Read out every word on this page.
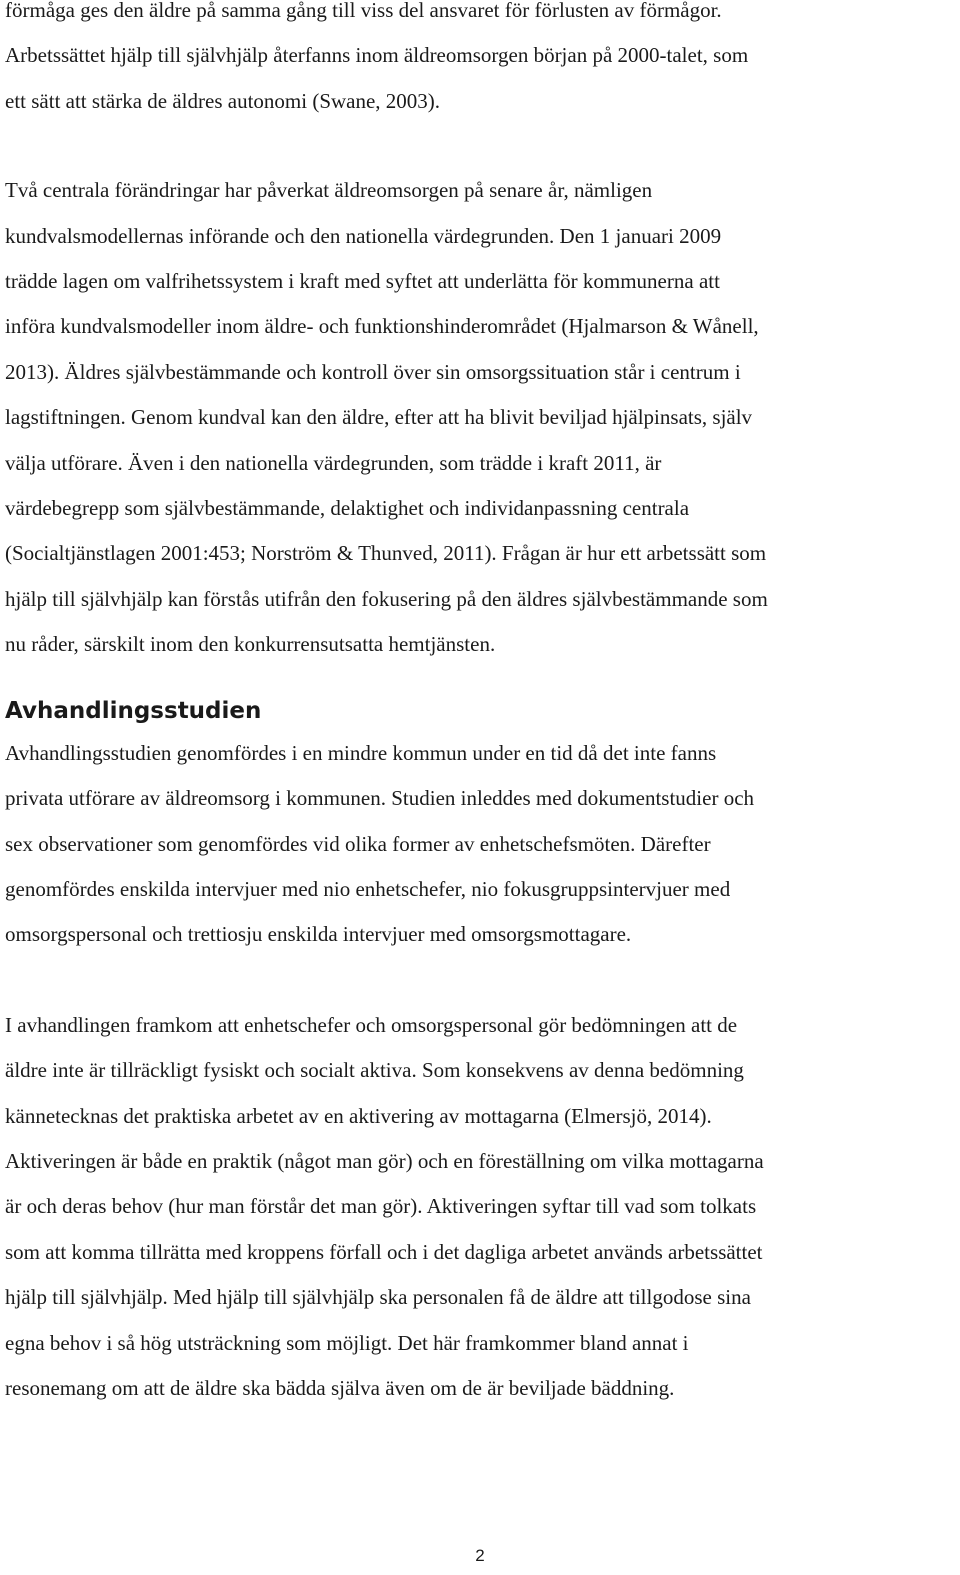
förmåga ges den äldre på samma gång till viss del ansvaret för förlusten av förmågor.
Arbetssättet hjälp till självhjälp återfanns inom äldreomsorgen början på 2000-talet, som
ett sätt att stärka de äldres autonomi (Swane, 2003).

Två centrala förändringar har påverkat äldreomsorgen på senare år, nämligen
kundvalsmodellernas införande och den nationella värdegrunden. Den 1 januari 2009
trädde lagen om valfrihetssystem i kraft med syftet att underlätta för kommunerna att
införa kundvalsmodeller inom äldre- och funktionshinderområdet (Hjalmarson & Wånell,
2013). Äldres självbestämmande och kontroll över sin omsorgssituation står i centrum i
lagstiftningen. Genom kundval kan den äldre, efter att ha blivit beviljad hjälpinsats, själv
välja utförare. Även i den nationella värdegrunden, som trädde i kraft 2011, är
värdebegrepp som självbestämmande, delaktighet och individanpassning centrala
(Socialtjänstlagen 2001:453; Norström & Thunved, 2011). Frågan är hur ett arbetssätt som
hjälp till självhjälp kan förstås utifrån den fokusering på den äldres självbestämmande som
nu råder, särskilt inom den konkurrensutsatta hemtjänsten.

Avhandlingsstudien

Avhandlingsstudien genomfördes i en mindre kommun under en tid då det inte fanns
privata utförare av äldreomsorg i kommunen. Studien inleddes med dokumentstudier och
sex observationer som genomfördes vid olika former av enhetschefsmöten. Därefter
genomfördes enskilda intervjuer med nio enhetschefer, nio fokusgruppsintervjuer med
omsorgspersonal och trettiosju enskilda intervjuer med omsorgsmottagare.

I avhandlingen framkom att enhetschefer och omsorgspersonal gör bedömningen att de
äldre inte är tillräckligt fysiskt och socialt aktiva. Som konsekvens av denna bedömning
kännetecknas det praktiska arbetet av en aktivering av mottagarna (Elmersjö, 2014).
Aktiveringen är både en praktik (något man gör) och en föreställning om vilka mottagarna
är och deras behov (hur man förstår det man gör). Aktiveringen syftar till vad som tolkats
som att komma tillrätta med kroppens förfall och i det dagliga arbetet används arbetssättet
hjälp till självhjälp. Med hjälp till självhjälp ska personalen få de äldre att tillgodose sina
egna behov i så hög utsträckning som möjligt. Det här framkommer bland annat i
resonemang om att de äldre ska bädda själva även om de är beviljade bäddning.

2
